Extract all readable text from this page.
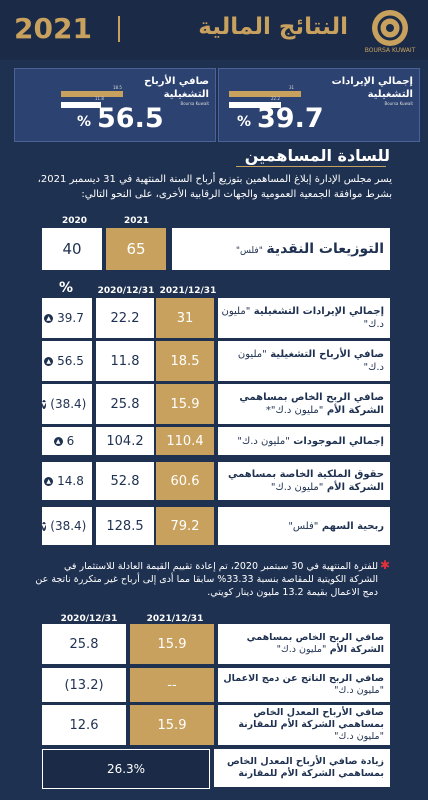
2021	النتائج المالية
BOURSA KUWAIT
صافي الأرباح التشغيلية
Boursa Kuwait
18.5
11.8
56.5
%
إجمالي الإيرادات التشغيلية
Boursa Kuwait
31
22.2
39.7
%
للسادة المساهمين
يسر مجلس الإدارة إبلاغ المساهمين بتوزيع أرباح السنة المنتهية في 31 ديسمبر 2021، بشرط موافقة الجمعية العمومية والجهات الرقابية الأخرى، على النحو التالي:
2020	2021
40	65	التوزيعات النقدية "فلس"
%	2020/12/31 2021/12/31
▲ 39.7	22.2	31	إجمالي الإيرادات التشغيلية "مليون د.ك"
▲ 56.5	11.8	18.5	صافي الأرباح التشغيلية "مليون د.ك"
▼ (38.4)	25.8	15.9	صافي الربح الخاص بمساهمي الشركة الأم "مليون د.ك"*
▲ 6	104.2	110.4	إجمالي الموجودات "مليون د.ك"
▲ 14.8	52.8	60.6	حقوق الملكية الخاصة بمساهمي الشركة الأم "مليون د.ك"
▼ (38.4)	128.5	79.2	ربحية السهم "فلس"
✱
للفترة المنتهية في 30 سبتمبر 2020، تم إعادة تقييم القيمة العادلة للاستثمار في الشركة الكويتية للمقاصة بنسبة 33.33% سابقا مما أدى إلى أرباح غير متكررة ناتجة عن دمج الاعمال بقيمة 13.2 مليون دينار كويتي.
2020/12/31	2021/12/31
25.8	15.9	صافي الربح الخاص بمساهمي الشركة الأم "مليون د.ك"
(13.2)	--	صافي الربح الناتج عن دمج الاعمال "مليون د.ك"
12.6	15.9
صافي الأرباح المعدل الخاص بمساهمي الشركة الأم للمقارنة "مليون د.ك"
26.3%
زيادة صافي الأرباح المعدل الخاص بمساهمي الشركة الأم للمقارنة
